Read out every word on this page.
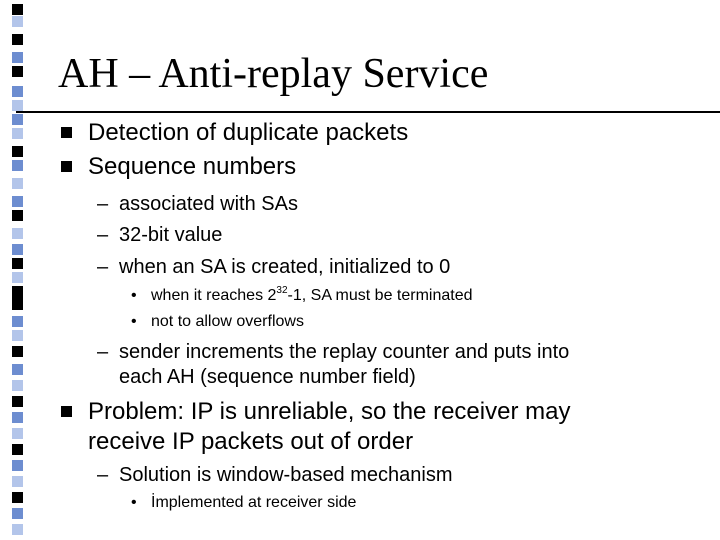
AH – Anti-replay Service
Detection of duplicate packets
Sequence numbers
– associated with SAs
– 32-bit value
– when an SA is created, initialized to 0
• when it reaches $2^{32}-1$, SA must be terminated
• not to allow overflows
– sender increments the replay counter and puts into
each AH (sequence number field)
Problem: IP is unreliable, so the receiver may
receive IP packets out of order
– Solution is window-based mechanism
• İmplemented at receiver side
